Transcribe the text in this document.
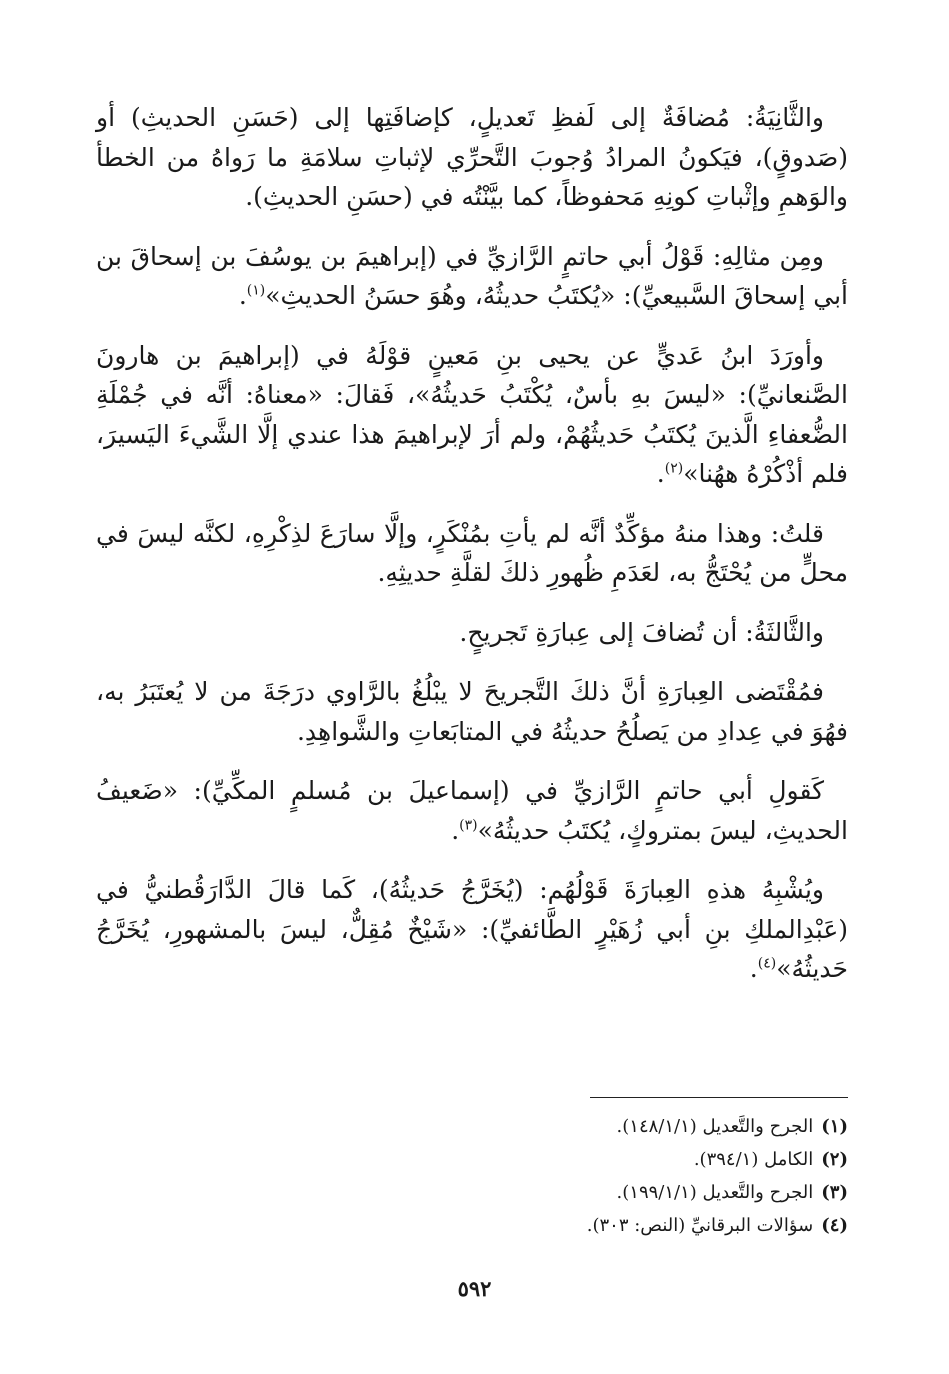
والثَّانِيَةُ: مُضافَةٌ إلى لَفظِ تَعديلٍ، كإضافَتِها إلى (حَسَنِ الحديثِ) أو (صَدوقٍ)، فيَكونُ المرادُ وُجوبَ التَّحرِّي لإثباتِ سلامَةِ ما رَواهُ من الخطأ والوَهمِ وإثْباتِ كونِهِ مَحفوظاً، كما بيَّنْتُه في (حسَنِ الحديثِ).

ومِن مثالِهِ: قَوْلُ أبي حاتمٍ الرَّازيِّ في (إبراهيمَ بن يوسُفَ بن إسحاقَ بن أبي إسحاقَ السَّبيعيِّ): «يُكتَبُ حديثُهُ، وهُوَ حسَنُ الحديثِ»$^{(١)}$.

وأورَدَ ابنُ عَديٍّ عن يحيى بنِ مَعينٍ قوْلَهُ في (إبراهيمَ بن هارونَ الصَّنعانيِّ): «ليسَ بهِ بأسٌ، يُكْتَبُ حَديثُهُ»، فَقالَ: «معناهُ: أنَّه في جُمْلَةِ الضُّعفاءِ الَّذينَ يُكتَبُ حَديثُهُمْ، ولم أرَ لإبراهيمَ هذا عندي إلَّا الشَّيءَ اليَسيرَ، فلم أذْكُرْهُ ههُنا»$^{(٢)}$.

قلتُ: وهذا منهُ مؤكِّدٌ أنَّه لم يأتِ بمُنْكَرٍ، وإلَّا سارَعَ لذِكْرِهِ، لكنَّه ليسَ في محلٍّ من يُحْتَجُّ به، لعَدَمِ ظُهورِ ذلكَ لقلَّةِ حديثِهِ.

والثَّالثَةُ: أن تُضافَ إلى عِبارَةِ تَجريحٍ.

فمُقْتَضى العِبارَةِ أنَّ ذلكَ التَّجريحَ لا يبْلُغُ بالرَّاوي درَجَةَ من لا يُعتَبَرُ به، فهُوَ في عِدادِ من يَصلُحُ حديثُهُ في المتابَعاتِ والشَّواهِدِ.

كَقولِ أبي حاتمٍ الرَّازيِّ في (إسماعيلَ بن مُسلمٍ المكِّيِّ): «ضَعيفُ الحديثِ، ليسَ بمتروكٍ، يُكتَبُ حديثُهُ»$^{(٣)}$.

ويُشْبِهُ هذهِ العِبارَةَ قَوْلُهُم: (يُخَرَّجُ حَديثُهُ)، كَما قالَ الدَّارَقُطنيُّ في (عَبْدِالملكِ بنِ أبي زُهَيْرٍ الطَّائفيِّ): «شَيْخٌ مُقِلٌّ، ليسَ بالمشهورِ، يُخَرَّجُ حَديثُهُ»$^{(٤)}$.

(١)الجرح والتَّعديل (١٤٨/١/١).
(٢)الكامل (٣٩٤/١).
(٣)الجرح والتَّعديل (١٩٩/١/١).
(٤)سؤالات البرقانيِّ (النص: ٣٠٣).
٥٩٢
